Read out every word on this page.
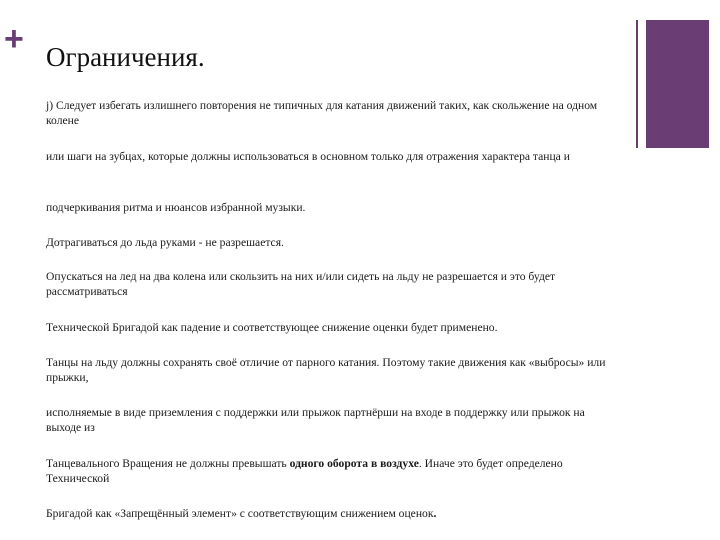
+ Ограничения.

j) Следует избегать излишнего повторения не типичных для катания движений таких, как скольжение на одном колене

или шаги на зубцах, которые должны использоваться в основном только для отражения характера танца и

подчеркивания ритма и нюансов избранной музыки.

Дотрагиваться до льда руками - не разрешается.

Опускаться на лед на два колена или скользить на них и/или сидеть на льду не разрешается и это будет рассматриваться

Технической Бригадой как падение и соответствующее снижение оценки будет применено.

Танцы на льду должны сохранять своё отличие от парного катания. Поэтому такие движения как «выбросы» или прыжки,

исполняемые в виде приземления с поддержки или прыжок партнёрши на входе в поддержку или прыжок на выходе из

Танцевального Вращения не должны превышать одного оборота в воздухе. Иначе это будет определено Технической

Бригадой как «Запрещённый элемент» с соответствующим снижением оценок.
